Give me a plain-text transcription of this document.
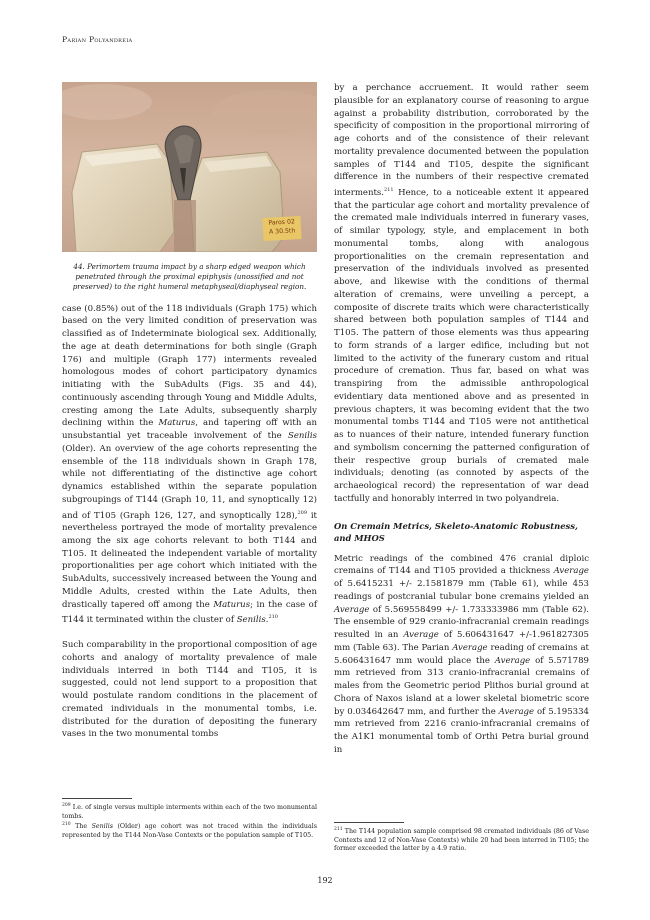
Parian Polyandreia
Paros 02
A 30.5th
44. Perimortem trauma impact by a sharp edged weapon which penetrated through the proximal epiphysis (unossified and not preserved) to the right humeral metaphyseal/diaphyseal region.

case (0.85%) out of the 118 individuals (Graph 175) which based on the very limited condition of preservation was classified as of Indeterminate biological sex. Additionally, the age at death determinations for both single (Graph 176) and multiple (Graph 177) interments revealed homologous modes of cohort participatory dynamics initiating with the SubAdults (Figs. 35 and 44), continuously ascending through Young and Middle Adults, cresting among the Late Adults, subsequently sharply declining within the Maturus, and tapering off with an unsubstantial yet traceable involvement of the Senilis (Older). An overview of the age cohorts representing the ensemble of the 118 individuals shown in Graph 178, while not differentiating of the distinctive age cohort dynamics established within the separate population subgroupings of T144 (Graph 10, 11, and synoptically 12) and of T105 (Graph 126, 127, and synoptically 128),$^{209}$ it nevertheless portrayed the mode of mortality prevalence among the six age cohorts relevant to both T144 and T105. It delineated the independent variable of mortality proportionalities per age cohort which initiated with the SubAdults, successively increased between the Young and Middle Adults, crested within the Late Adults, then drastically tapered off among the Maturus; in the case of T144 it terminated within the cluster of Senilis.$^{210}$

Such comparability in the proportional composition of age cohorts and analogy of mortality prevalence of male individuals interred in both T144 and T105, it is suggested, could not lend support to a proposition that would postulate random conditions in the placement of cremated individuals in the monumental tombs, i.e. distributed for the duration of depositing the funerary vases in the two monumental tombs

by a perchance accruement. It would rather seem plausible for an explanatory course of reasoning to argue against a probability distribution, corroborated by the specificity of composition in the proportional mirroring of age cohorts and of the consistence of their relevant mortality prevalence documented between the population samples of T144 and T105, despite the significant difference in the numbers of their respective cremated interments.$^{211}$ Hence, to a noticeable extent it appeared that the particular age cohort and mortality prevalence of the cremated male individuals interred in funerary vases, of similar typology, style, and emplacement in both monumental tombs, along with analogous proportionalities on the cremain representation and preservation of the individuals involved as presented above, and likewise with the conditions of thermal alteration of cremains, were unveiling a percept, a composite of discrete traits which were characteristically shared between both population samples of T144 and T105. The pattern of those elements was thus appearing to form strands of a larger edifice, including but not limited to the activity of the funerary custom and ritual procedure of cremation. Thus far, based on what was transpiring from the admissible anthropological evidentiary data mentioned above and as presented in previous chapters, it was becoming evident that the two monumental tombs T144 and T105 were not antithetical as to nuances of their nature, intended funerary function and symbolism concerning the patterned configuration of their respective group burials of cremated male individuals; denoting (as connoted by aspects of the archaeological record) the representation of war dead tactfully and honorably interred in two polyandreia.

On Cremain Metrics, Skeleto-Anatomic Robustness, and MHOS

Metric readings of the combined 476 cranial diploic cremains of T144 and T105 provided a thickness Average of 5.6415231 +/- 2.1581879 mm (Table 61), while 453 readings of postcranial tubular bone cremains yielded an Average of 5.569558499 +/- 1.733333986 mm (Table 62). The ensemble of 929 cranio-infracranial cremain readings resulted in an Average of 5.606431647 +/-1.961827305 mm (Table 63). The Parian Average reading of cremains at 5.606431647 mm would place the Average of 5.571789 mm retrieved from 313 cranio-infracranial cremains of males from the Geometric period Plithos burial ground at Chora of Naxos island at a lower skeletal biometric score by 0.034642647 mm, and further the Average of 5.195334 mm retrieved from 2216 cranio-infracranial cremains of the A1K1 monumental tomb of Orthi Petra burial ground in

$^{209}$ I.e. of single versus multiple interments within each of the two monumental tombs.

$^{210}$ The Senilis (Older) age cohort was not traced within the individuals represented by the T144 Non-Vase Contexts or the population sample of T105.

$^{211}$ The T144 population sample comprised 98 cremated individuals (86 of Vase Contexts and 12 of Non-Vase Contexts) while 20 had been interred in T105; the former exceeded the latter by a 4.9 ratio.

192
